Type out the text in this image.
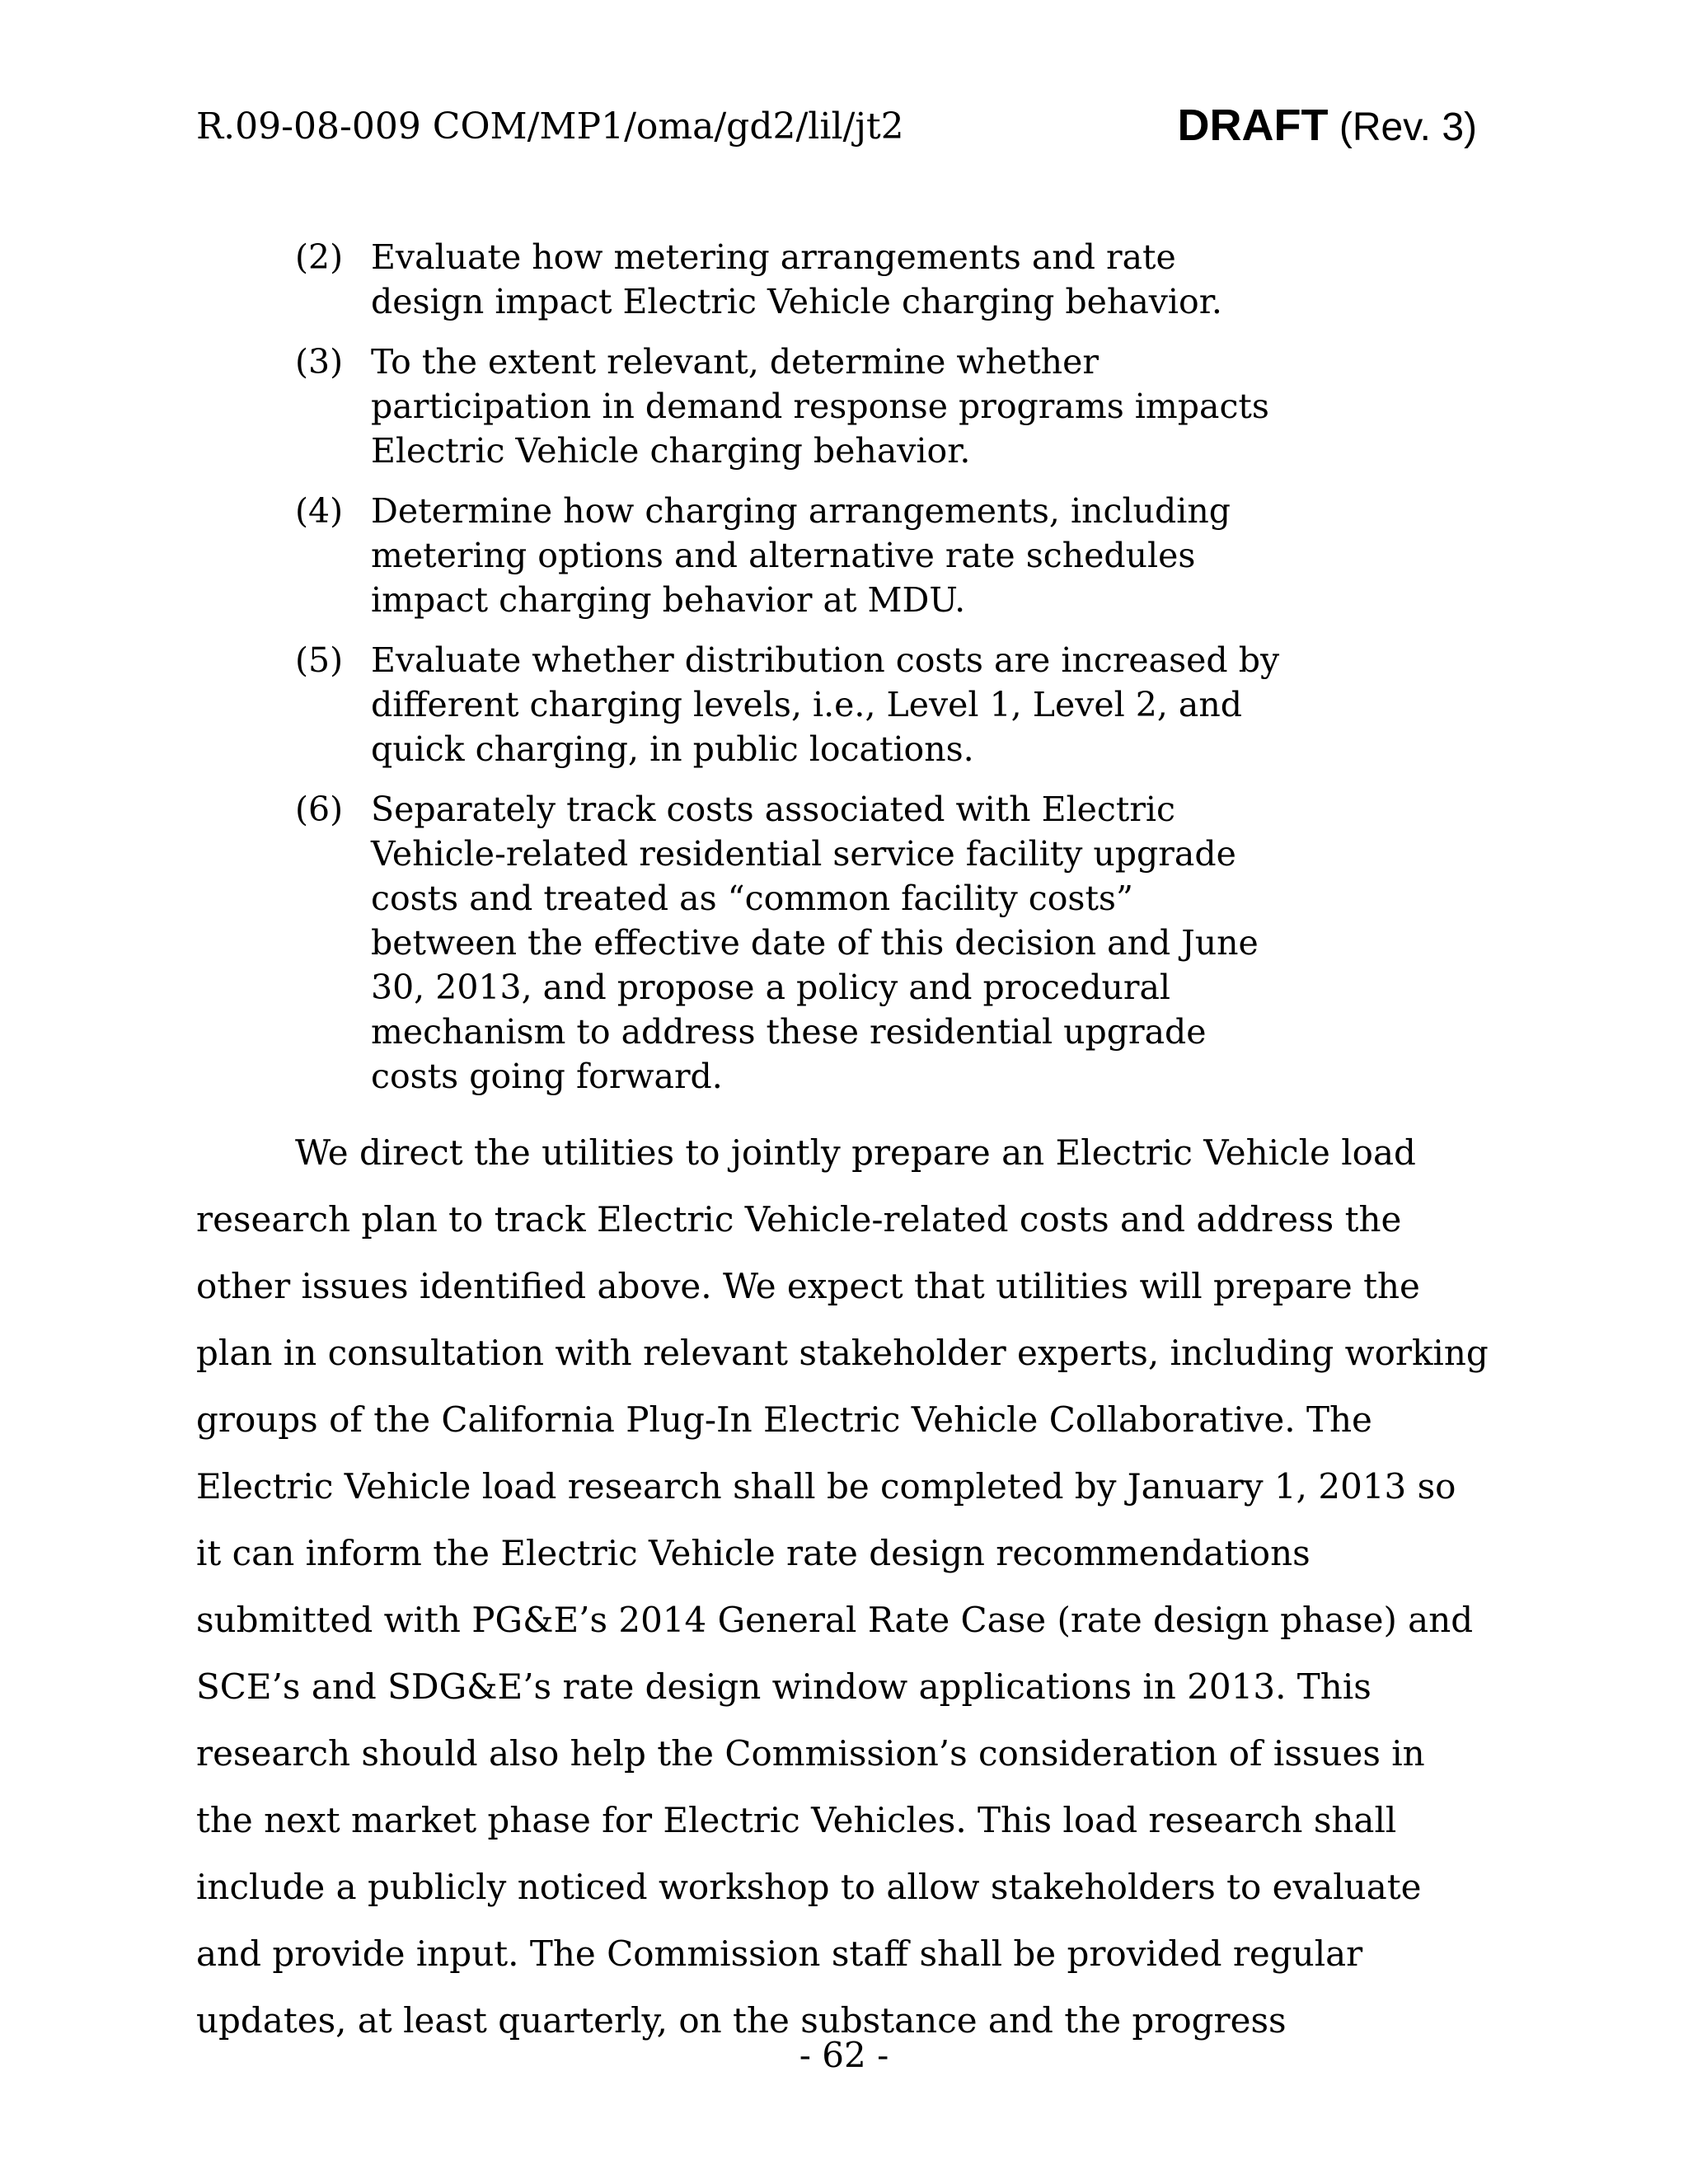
R.09-08-009 COM/MP1/oma/gd2/lil/jt2	DRAFT (Rev. 3)
(2) Evaluate how metering arrangements and rate design impact Electric Vehicle charging behavior.
(3) To the extent relevant, determine whether participation in demand response programs impacts Electric Vehicle charging behavior.
(4) Determine how charging arrangements, including metering options and alternative rate schedules impact charging behavior at MDU.
(5) Evaluate whether distribution costs are increased by different charging levels, i.e., Level 1, Level 2, and quick charging, in public locations.
(6) Separately track costs associated with Electric Vehicle-related residential service facility upgrade costs and treated as “common facility costs” between the effective date of this decision and June 30, 2013, and propose a policy and procedural mechanism to address these residential upgrade costs going forward.

We direct the utilities to jointly prepare an Electric Vehicle load research plan to track Electric Vehicle-related costs and address the other issues identified above. We expect that utilities will prepare the plan in consultation with relevant stakeholder experts, including working groups of the California Plug-In Electric Vehicle Collaborative. The Electric Vehicle load research shall be completed by January 1, 2013 so it can inform the Electric Vehicle rate design recommendations submitted with PG&E’s 2014 General Rate Case (rate design phase) and SCE’s and SDG&E’s rate design window applications in 2013. This research should also help the Commission’s consideration of issues in the next market phase for Electric Vehicles. This load research shall include a publicly noticed workshop to allow stakeholders to evaluate and provide input. The Commission staff shall be provided regular updates, at least quarterly, on the substance and the progress

- 62 -
